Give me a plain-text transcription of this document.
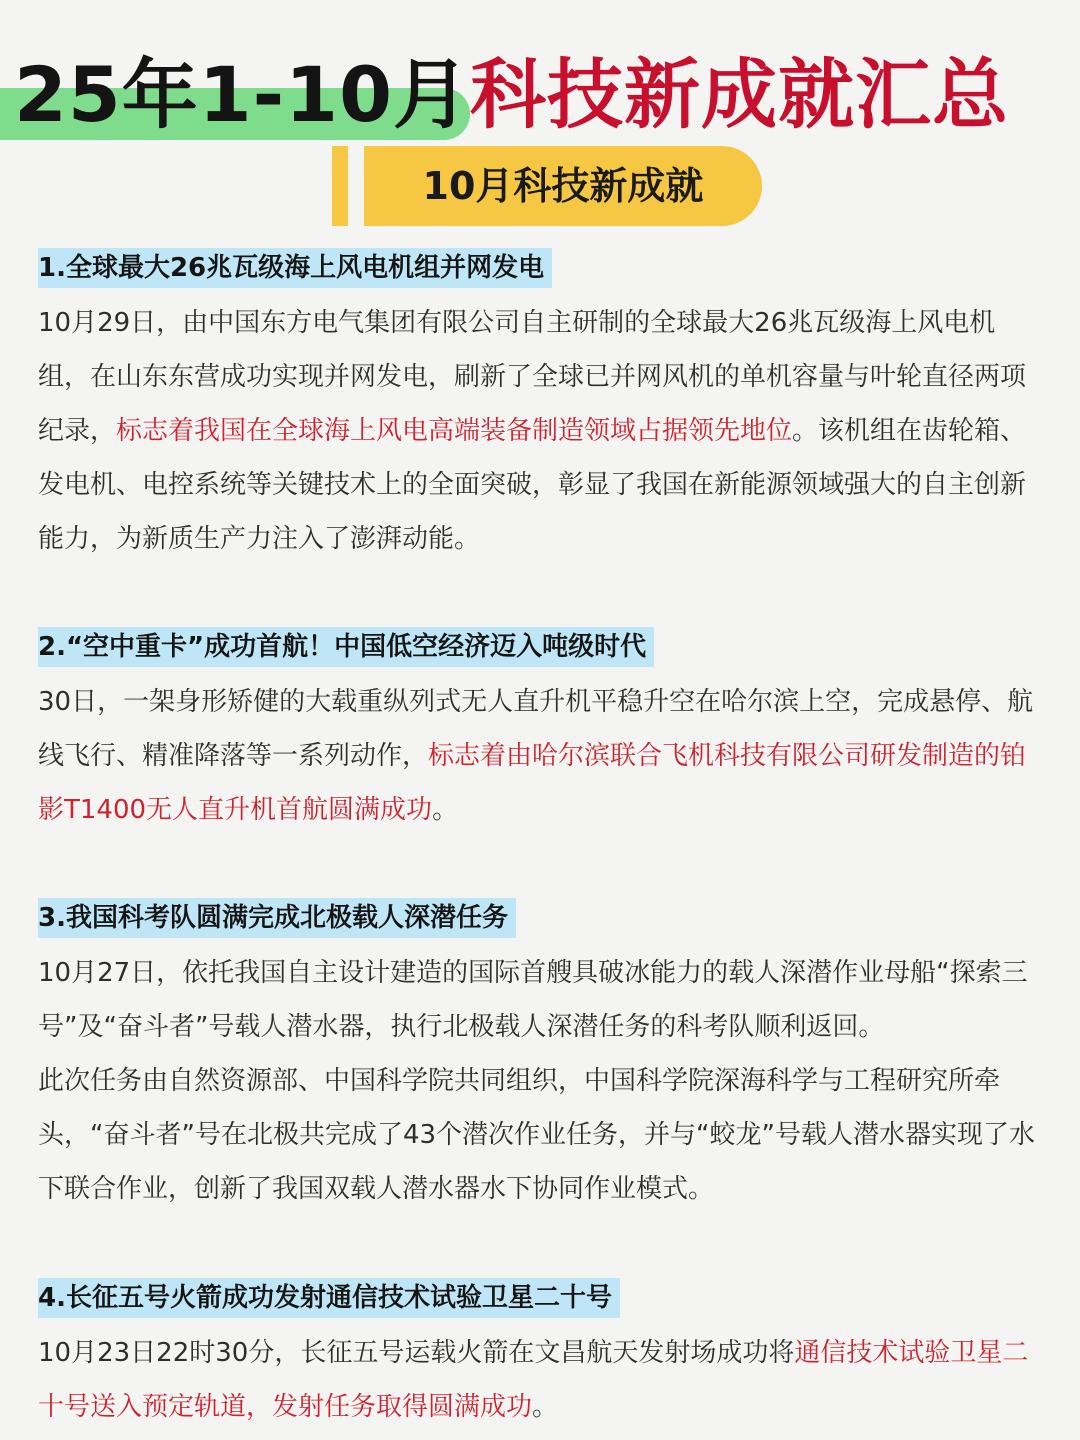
25年1-10月科技新成就汇总
10月科技新成就
1.全球最大26兆瓦级海上风电机组并网发电

10月29日，由中国东方电气集团有限公司自主研制的全球最大26兆瓦级海上风电机组，在山东东营成功实现并网发电，刷新了全球已并网风机的单机容量与叶轮直径两项纪录，标志着我国在全球海上风电高端装备制造领域占据领先地位。该机组在齿轮箱、发电机、电控系统等关键技术上的全面突破，彰显了我国在新能源领域强大的自主创新能力，为新质生产力注入了澎湃动能。

2.“空中重卡”成功首航！中国低空经济迈入吨级时代

30日，一架身形矫健的大载重纵列式无人直升机平稳升空在哈尔滨上空，完成悬停、航线飞行、精准降落等一系列动作，标志着由哈尔滨联合飞机科技有限公司研发制造的铂影T1400无人直升机首航圆满成功。

3.我国科考队圆满完成北极载人深潜任务

10月27日，依托我国自主设计建造的国际首艘具破冰能力的载人深潜作业母船“探索三号”及“奋斗者”号载人潜水器，执行北极载人深潜任务的科考队顺利返回。

此次任务由自然资源部、中国科学院共同组织，中国科学院深海科学与工程研究所牵头，“奋斗者”号在北极共完成了43个潜次作业任务，并与“蛟龙”号载人潜水器实现了水下联合作业，创新了我国双载人潜水器水下协同作业模式。

4.长征五号火箭成功发射通信技术试验卫星二十号

10月23日22时30分，长征五号运载火箭在文昌航天发射场成功将通信技术试验卫星二十号送入预定轨道，发射任务取得圆满成功。
